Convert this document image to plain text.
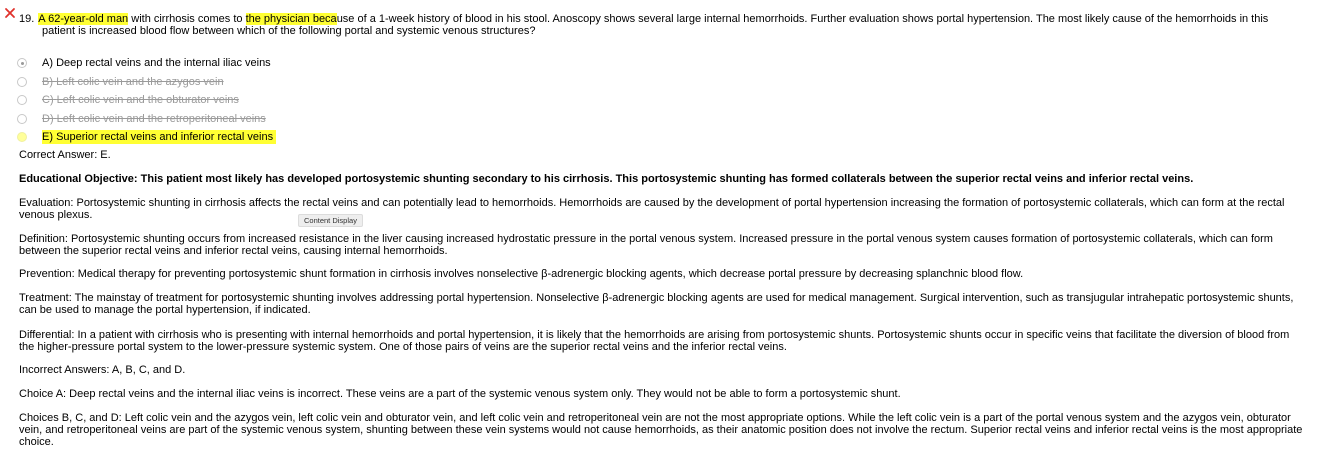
19. A 62-year-old man with cirrhosis comes to the physician because of a 1-week history of blood in his stool. Anoscopy shows several large internal hemorrhoids. Further evaluation shows portal hypertension. The most likely cause of the hemorrhoids in this
patient is increased blood flow between which of the following portal and systemic venous structures?
A) Deep rectal veins and the internal iliac veins
B) Left colic vein and the azygos vein
C) Left colic vein and the obturator veins
D) Left colic vein and the retroperitoneal veins
E) Superior rectal veins and inferior rectal veins
Correct Answer: E.
Educational Objective: This patient most likely has developed portosystemic shunting secondary to his cirrhosis. This portosystemic shunting has formed collaterals between the superior rectal veins and inferior rectal veins.
Evaluation: Portosystemic shunting in cirrhosis affects the rectal veins and can potentially lead to hemorrhoids. Hemorrhoids are caused by the development of portal hypertension increasing the formation of portosystemic collaterals, which can form at the rectal
venous plexus.	Content Display
Definition: Portosystemic shunting occurs from increased resistance in the liver causing increased hydrostatic pressure in the portal venous system. Increased pressure in the portal venous system causes formation of portosystemic collaterals, which can form
between the superior rectal veins and inferior rectal veins, causing internal hemorrhoids.
Prevention: Medical therapy for preventing portosystemic shunt formation in cirrhosis involves nonselective β-adrenergic blocking agents, which decrease portal pressure by decreasing splanchnic blood flow.
Treatment: The mainstay of treatment for portosystemic shunting involves addressing portal hypertension. Nonselective β-adrenergic blocking agents are used for medical management. Surgical intervention, such as transjugular intrahepatic portosystemic shunts,
can be used to manage the portal hypertension, if indicated.
Differential: In a patient with cirrhosis who is presenting with internal hemorrhoids and portal hypertension, it is likely that the hemorrhoids are arising from portosystemic shunts. Portosystemic shunts occur in specific veins that facilitate the diversion of blood from
the higher-pressure portal system to the lower-pressure systemic system. One of those pairs of veins are the superior rectal veins and the inferior rectal veins.
Incorrect Answers: A, B, C, and D.
Choice A: Deep rectal veins and the internal iliac veins is incorrect. These veins are a part of the systemic venous system only. They would not be able to form a portosystemic shunt.
Choices B, C, and D: Left colic vein and the azygos vein, left colic vein and obturator vein, and left colic vein and retroperitoneal vein are not the most appropriate options. While the left colic vein is a part of the portal venous system and the azygos vein, obturator
vein, and retroperitoneal veins are part of the systemic venous system, shunting between these vein systems would not cause hemorrhoids, as their anatomic position does not involve the rectum. Superior rectal veins and inferior rectal veins is the most appropriate
choice.
